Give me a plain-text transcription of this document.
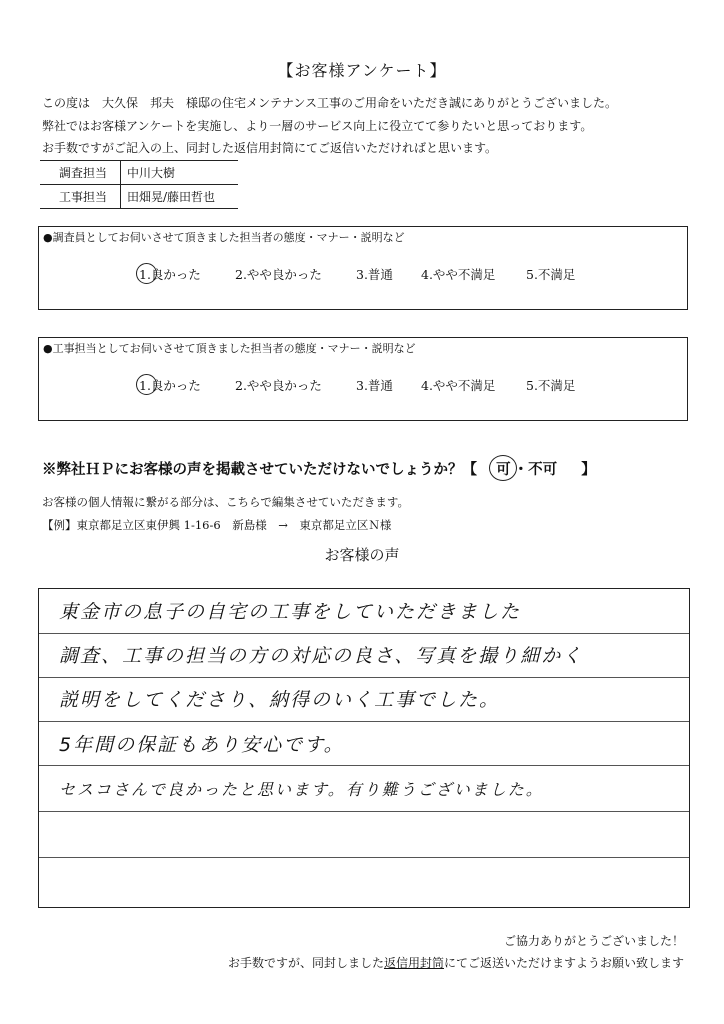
【お客様アンケート】
この度は　大久保　邦夫　様邸の住宅メンテナンス工事のご用命をいただき誠にありがとうございました。
弊社ではお客様アンケートを実施し、より一層のサービス向上に役立てて参りたいと思っております。
お手数ですがご記入の上、同封した返信用封筒にてご返信いただければと思います。
調査担当	中川大樹
工事担当	田畑晃/藤田哲也
●調査員としてお伺いさせて頂きました担当者の態度・マナー・説明など
1.良かった	2.やや良かった	3.普通 4.やや不満足 5.不満足
●工事担当としてお伺いさせて頂きました担当者の態度・マナー・説明など
1.良かった	2.やや良かった	3.普通 4.やや不満足 5.不満足
※弊社ＨＰにお客様の声を掲載させていただけないでしょうか？【 可 ・不可 】
お客様の個人情報に繋がる部分は、こちらで編集させていただきます。
【例】東京都足立区東伊興 1-16-6　新島様　→　東京都足立区Ｎ様
お客様の声
東金市の息子の自宅の工事をしていただきました
調査、工事の担当の方の対応の良さ、写真を撮り細かく
説明をしてくださり、納得のいく工事でした。
5年間の保証もあり安心です。
セスコさんで良かったと思います。有り難うございました。
ご協力ありがとうございました！
お手数ですが、同封しました返信用封筒にてご返送いただけますようお願い致します
